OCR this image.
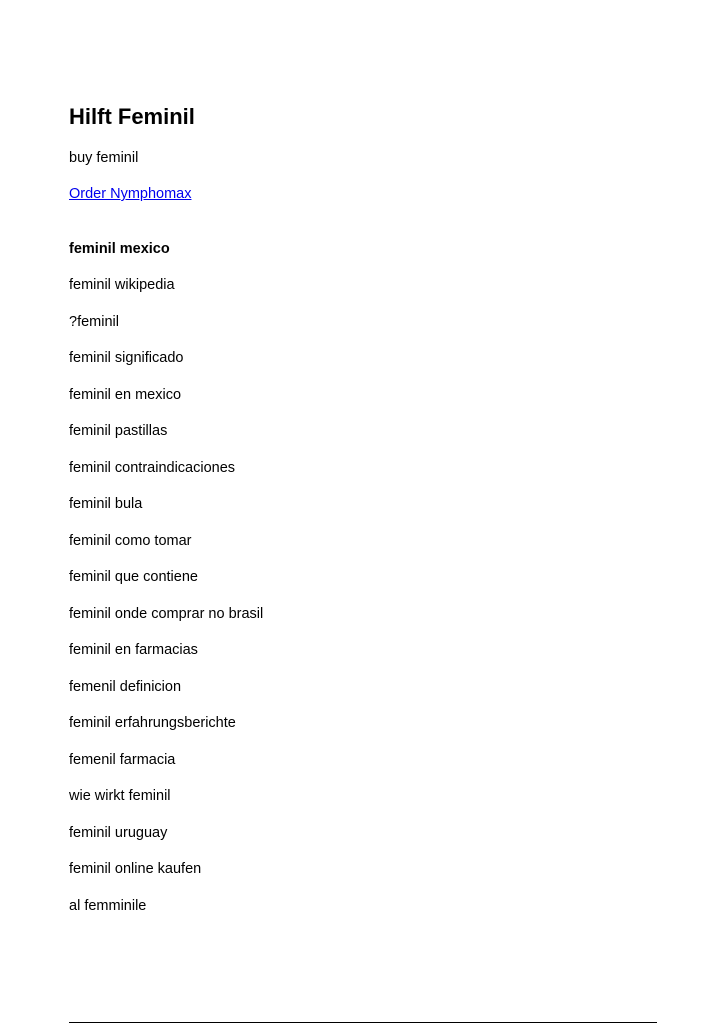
Hilft Feminil

buy feminil

Order Nymphomax

feminil mexico

feminil wikipedia

?feminil

feminil significado

feminil en mexico

feminil pastillas

feminil contraindicaciones

feminil bula

feminil como tomar

feminil que contiene

feminil onde comprar no brasil

feminil en farmacias

femenil definicion

feminil erfahrungsberichte

femenil farmacia

wie wirkt feminil

feminil uruguay

feminil online kaufen

al femminile
